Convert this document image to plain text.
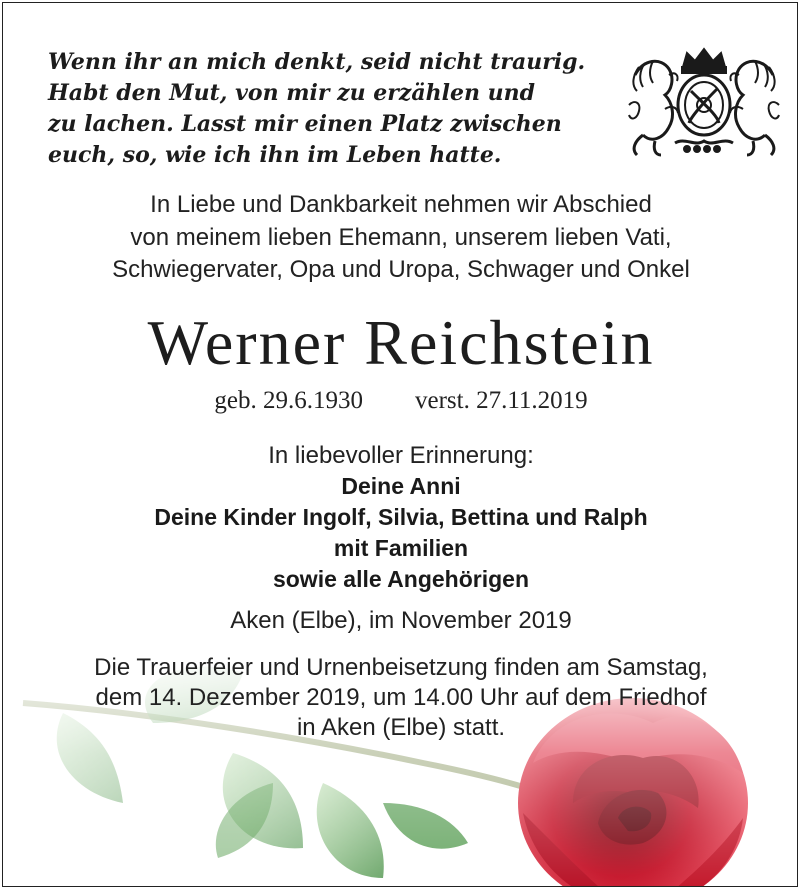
Wenn ihr an mich denkt, seid nicht traurig.
Habt den Mut, von mir zu erzählen und
zu lachen. Lasst mir einen Platz zwischen
euch, so, wie ich ihn im Leben hatte.
In Liebe und Dankbarkeit nehmen wir Abschied
von meinem lieben Ehemann, unserem lieben Vati,
Schwiegervater, Opa und Uropa, Schwager und Onkel
Werner Reichstein
geb. 29.6.1930 verst. 27.11.2019
In liebevoller Erinnerung:
Deine Anni
Deine Kinder Ingolf, Silvia, Bettina und Ralph
mit Familien
sowie alle Angehörigen
Aken (Elbe), im November 2019
Die Trauerfeier und Urnenbeisetzung finden am Samstag,
dem 14. Dezember 2019, um 14.00 Uhr auf dem Friedhof
in Aken (Elbe) statt.
